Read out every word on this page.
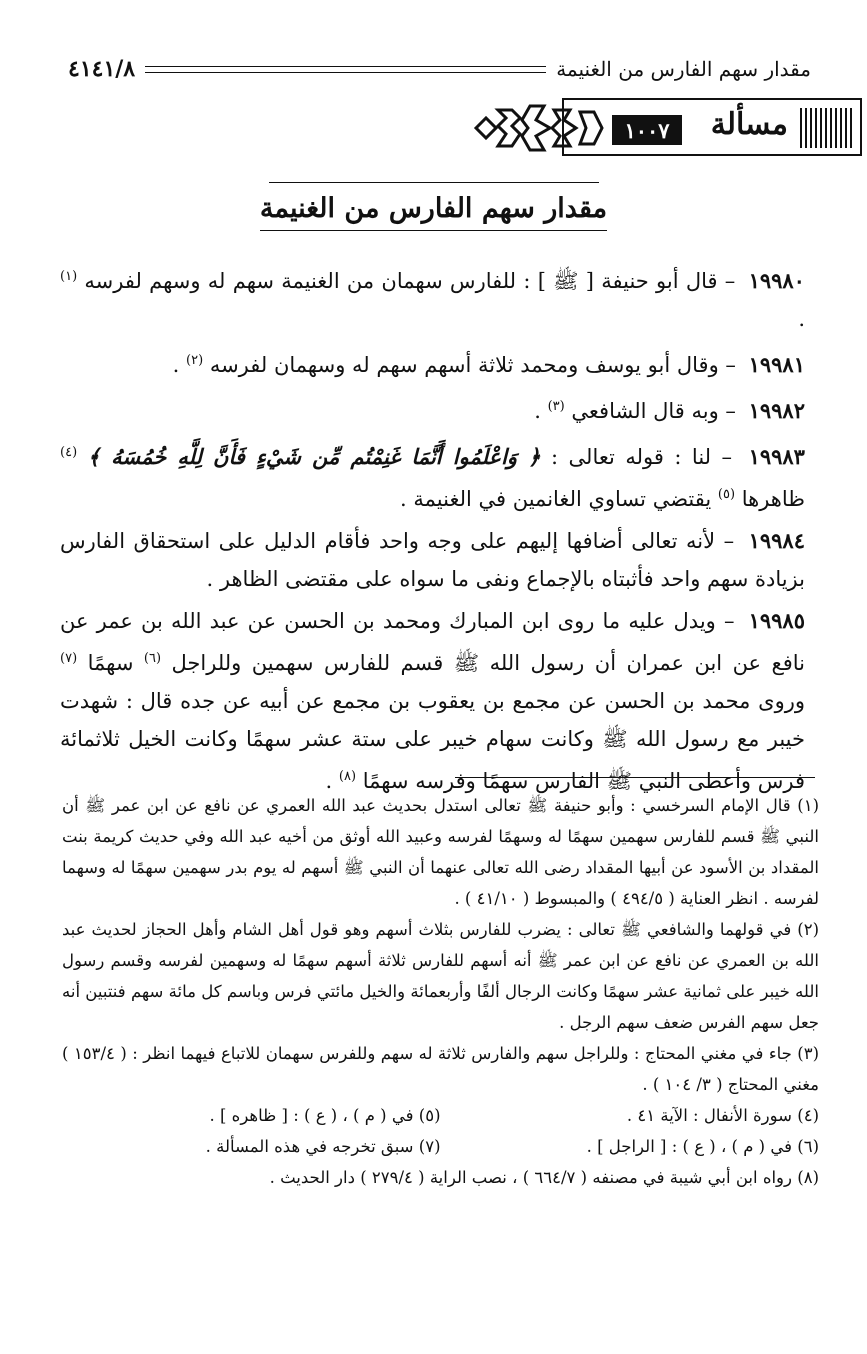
مقدار سهم الفارس من الغنيمة
٤١٤١/٨
مسألة
١٠٠٧
مقدار سهم الفارس من الغنيمة

١٩٩٨٠ – قال أبو حنيفة [ ﷺ ] : للفارس سهمان من الغنيمة سهم له وسهم لفرسه $^{(١)}$ .

١٩٩٨١ – وقال أبو يوسف ومحمد ثلاثة أسهم سهم له وسهمان لفرسه $^{(٢)}$ .

١٩٩٨٢ – وبه قال الشافعي $^{(٣)}$ .

١٩٩٨٣ – لنا : قوله تعالى : ﴿ وَاعْلَمُوا أَنَّمَا غَنِمْتُم مِّن شَيْءٍ فَأَنَّ لِلَّهِ خُمُسَهُ ﴾ $^{(٤)}$ ظاهرها $^{(٥)}$ يقتضي تساوي الغانمين في الغنيمة .

١٩٩٨٤ – لأنه تعالى أضافها إليهم على وجه واحد فأقام الدليل على استحقاق الفارس بزيادة سهم واحد فأثبتاه بالإجماع ونفى ما سواه على مقتضى الظاهر .

١٩٩٨٥ – ويدل عليه ما روى ابن المبارك ومحمد بن الحسن عن عبد الله بن عمر عن نافع عن ابن عمران أن رسول الله ﷺ قسم للفارس سهمين وللراجل $^{(٦)}$ سهمًا $^{(٧)}$ وروى محمد بن الحسن عن مجمع بن يعقوب بن مجمع عن أبيه عن جده قال : شهدت خيبر مع رسول الله ﷺ وكانت سهام خيبر على ستة عشر سهمًا وكانت الخيل ثلاثمائة فرس وأعطى النبي ﷺ الفارس سهمًا وفرسه سهمًا $^{(٨)}$ .

(١) قال الإمام السرخسي : وأبو حنيفة ﷺ تعالى استدل بحديث عبد الله العمري عن نافع عن ابن عمر ﷺ أن النبي ﷺ قسم للفارس سهمين سهمًا له وسهمًا لفرسه وعبيد الله أوثق من أخيه عبد الله وفي حديث كريمة بنت المقداد بن الأسود عن أبيها المقداد رضى الله تعالى عنهما أن النبي ﷺ أسهم له يوم بدر سهمين سهمًا له وسهما لفرسه . انظر العناية ( ٤٩٤/٥ ) والمبسوط ( ٤١/١٠ ) .

(٢) في قولهما والشافعي ﷺ تعالى : يضرب للفارس بثلاث أسهم وهو قول أهل الشام وأهل الحجاز لحديث عبد الله بن العمري عن نافع عن ابن عمر ﷺ أنه أسهم للفارس ثلاثة أسهم سهمًا له وسهمين لفرسه وقسم رسول الله خيبر على ثمانية عشر سهمًا وكانت الرجال ألفًا وأربعمائة والخيل مائتي فرس وباسم كل مائة سهم فنتبين أنه جعل سهم الفرس ضعف سهم الرجل .

(٣) جاء في مغني المحتاج : وللراجل سهم والفارس ثلاثة له سهم وللفرس سهمان للاتباع فيهما انظر : ( ١٥٣/٤ ) مغني المحتاج ( ٣/ ١٠٤ ) .

(٤) سورة الأنفال : الآية ٤١ .

(٥) في ( م ) ، ( ع ) : [ ظاهره ] .

(٦) في ( م ) ، ( ع ) : [ الراجل ] .

(٧) سبق تخرجه في هذه المسألة .

(٨) رواه ابن أبي شيبة في مصنفه ( ٦٦٤/٧ ) ، نصب الراية ( ٢٧٩/٤ ) دار الحديث .
